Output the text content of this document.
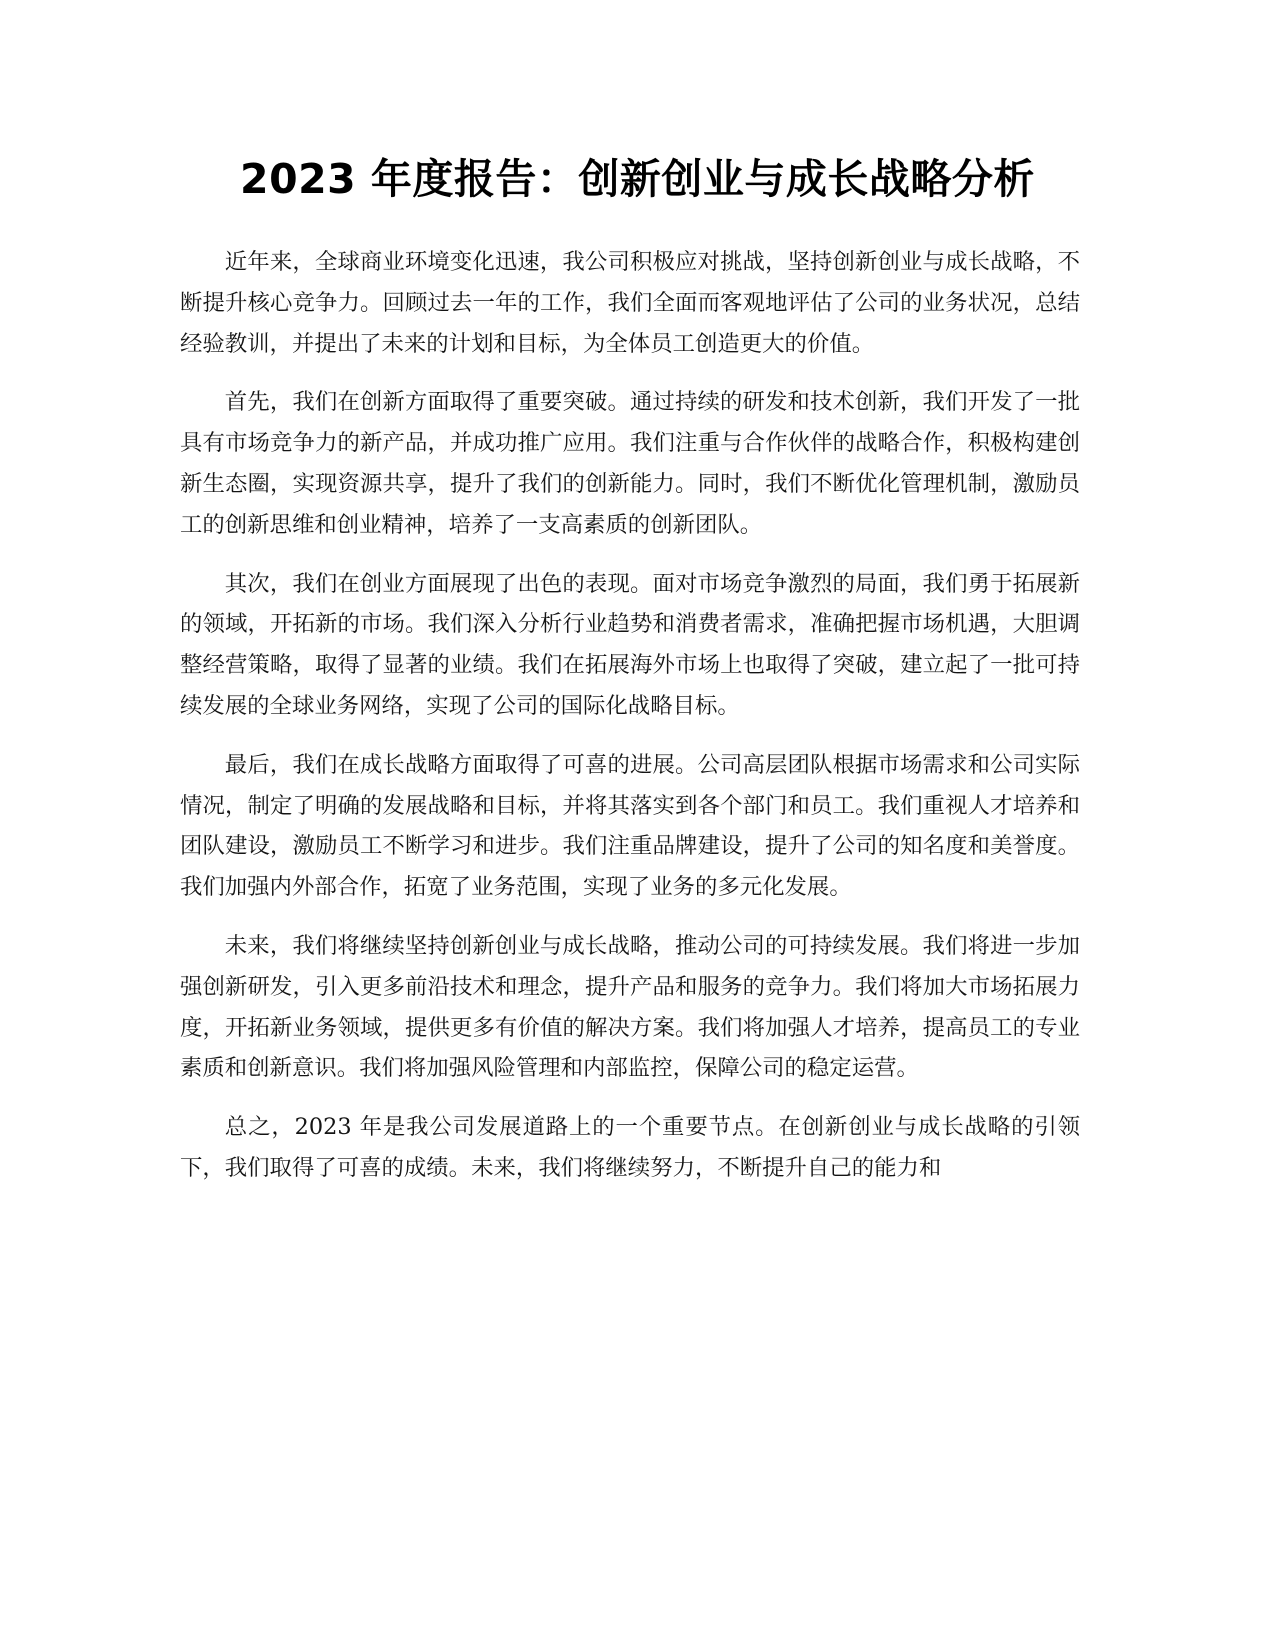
2023 年度报告：创新创业与成长战略分析

近年来，全球商业环境变化迅速，我公司积极应对挑战，坚持创新创业与成长战略，不断提升核心竞争力。回顾过去一年的工作，我们全面而客观地评估了公司的业务状况，总结经验教训，并提出了未来的计划和目标，为全体员工创造更大的价值。

首先，我们在创新方面取得了重要突破。通过持续的研发和技术创新，我们开发了一批具有市场竞争力的新产品，并成功推广应用。我们注重与合作伙伴的战略合作，积极构建创新生态圈，实现资源共享，提升了我们的创新能力。同时，我们不断优化管理机制，激励员工的创新思维和创业精神，培养了一支高素质的创新团队。

其次，我们在创业方面展现了出色的表现。面对市场竞争激烈的局面，我们勇于拓展新的领域，开拓新的市场。我们深入分析行业趋势和消费者需求，准确把握市场机遇，大胆调整经营策略，取得了显著的业绩。我们在拓展海外市场上也取得了突破，建立起了一批可持续发展的全球业务网络，实现了公司的国际化战略目标。

最后，我们在成长战略方面取得了可喜的进展。公司高层团队根据市场需求和公司实际情况，制定了明确的发展战略和目标，并将其落实到各个部门和员工。我们重视人才培养和团队建设，激励员工不断学习和进步。我们注重品牌建设，提升了公司的知名度和美誉度。我们加强内外部合作，拓宽了业务范围，实现了业务的多元化发展。

未来，我们将继续坚持创新创业与成长战略，推动公司的可持续发展。我们将进一步加强创新研发，引入更多前沿技术和理念，提升产品和服务的竞争力。我们将加大市场拓展力度，开拓新业务领域，提供更多有价值的解决方案。我们将加强人才培养，提高员工的专业素质和创新意识。我们将加强风险管理和内部监控，保障公司的稳定运营。

总之，2023 年是我公司发展道路上的一个重要节点。在创新创业与成长战略的引领下，我们取得了可喜的成绩。未来，我们将继续努力，不断提升自己的能力和
